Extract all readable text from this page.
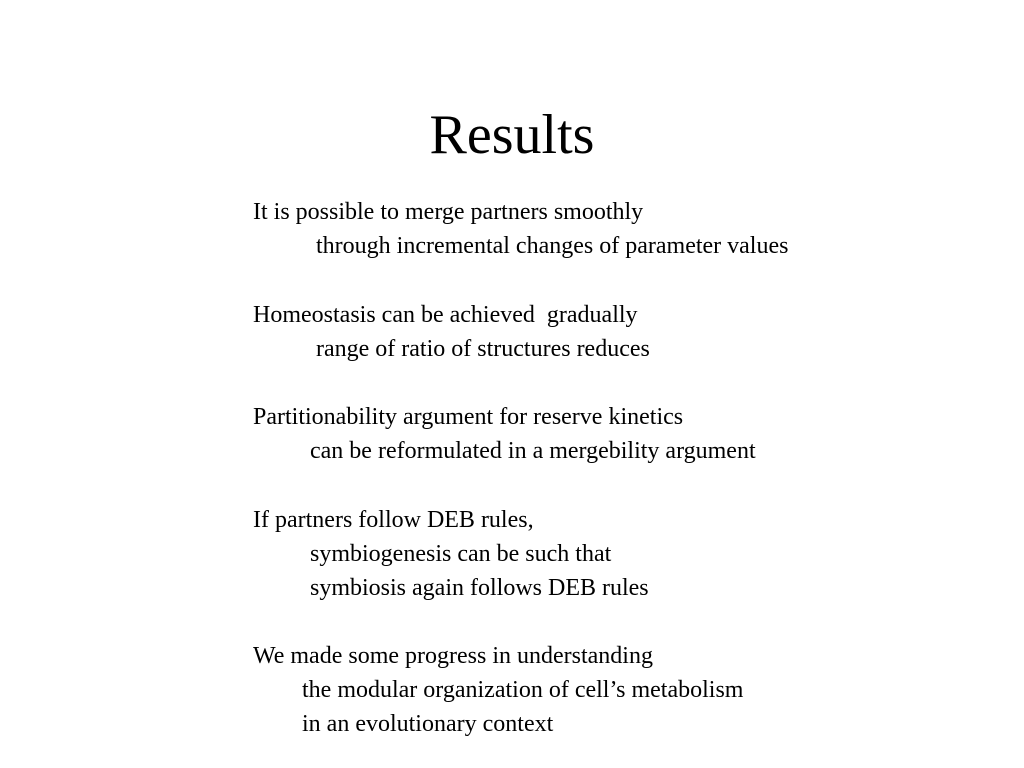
Results
It is possible to merge partners smoothly
through incremental changes of parameter values
Homeostasis can be achieved  gradually
range of ratio of structures reduces
Partitionability argument for reserve kinetics
can be reformulated in a mergebility argument
If partners follow DEB rules,
symbiogenesis can be such that
symbiosis again follows DEB rules
We made some progress in understanding
the modular organization of cell’s metabolism
in an evolutionary context
